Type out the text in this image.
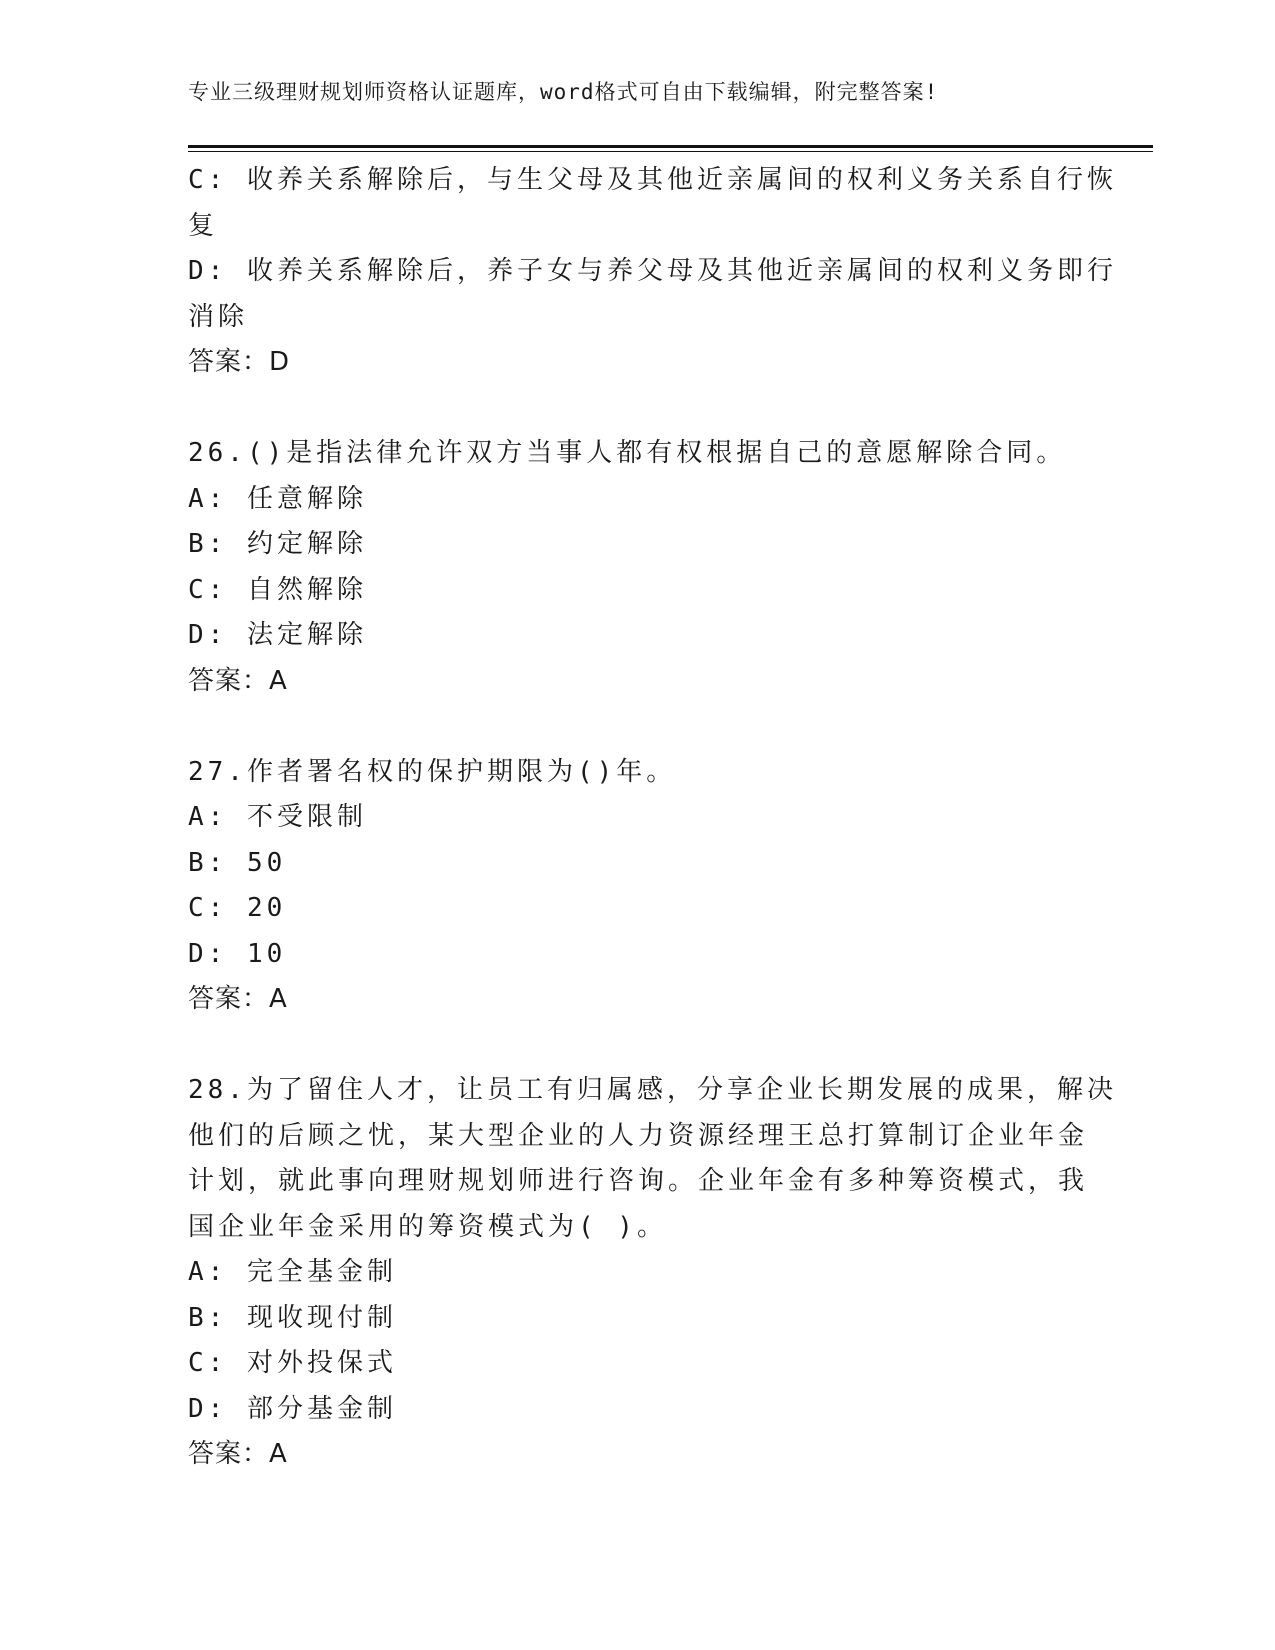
专业三级理财规划师资格认证题库，word格式可自由下载编辑，附完整答案!
C: 收养关系解除后，与生父母及其他近亲属间的权利义务关系自行恢
复
D: 收养关系解除后，养子女与养父母及其他近亲属间的权利义务即行
消除
答案：D
26.()是指法律允许双方当事人都有权根据自己的意愿解除合同。
A: 任意解除
B: 约定解除
C: 自然解除
D: 法定解除
答案：A
27.作者署名权的保护期限为()年。
A: 不受限制
B: 50
C: 20
D: 10
答案：A
28.为了留住人才，让员工有归属感，分享企业长期发展的成果，解决
他们的后顾之忧，某大型企业的人力资源经理王总打算制订企业年金
计划，就此事向理财规划师进行咨询。企业年金有多种筹资模式，我
国企业年金采用的筹资模式为( )。
A: 完全基金制
B: 现收现付制
C: 对外投保式
D: 部分基金制
答案：A
